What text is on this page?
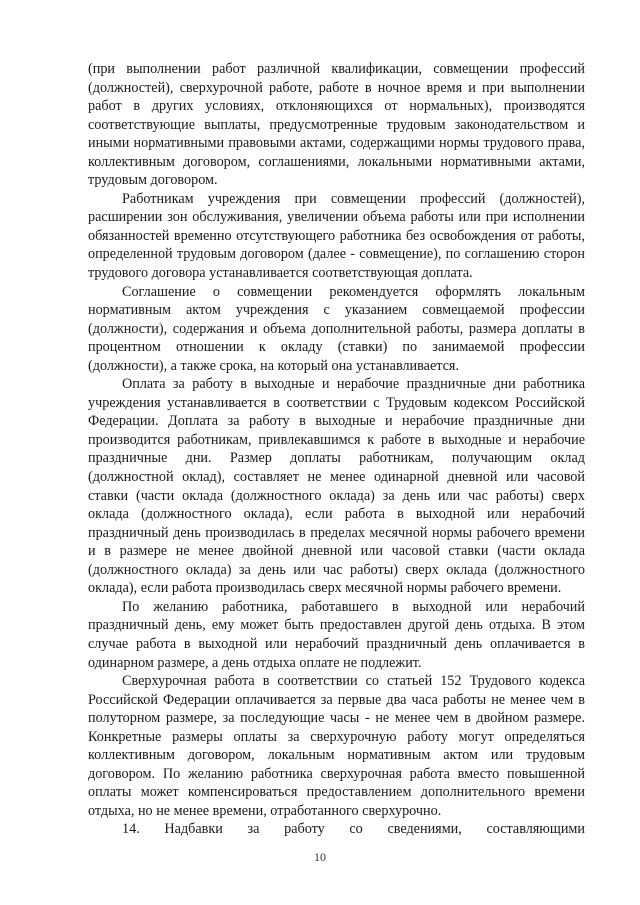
(при выполнении работ различной квалификации, совмещении профессий (должностей), сверхурочной работе, работе в ночное время и при выполнении работ в других условиях, отклоняющихся от нормальных), производятся соответствующие выплаты, предусмотренные трудовым законодательством и иными нормативными правовыми актами, содержащими нормы трудового права, коллективным договором, соглашениями, локальными нормативными актами, трудовым договором.

Работникам учреждения при совмещении профессий (должностей), расширении зон обслуживания, увеличении объема работы или при исполнении обязанностей временно отсутствующего работника без освобождения от работы, определенной трудовым договором (далее - совмещение), по соглашению сторон трудового договора устанавливается соответствующая доплата.

Соглашение о совмещении рекомендуется оформлять локальным нормативным актом учреждения с указанием совмещаемой профессии (должности), содержания и объема дополнительной работы, размера доплаты в процентном отношении к окладу (ставки) по занимаемой профессии (должности), а также срока, на который она устанавливается.

Оплата за работу в выходные и нерабочие праздничные дни работника учреждения устанавливается в соответствии с Трудовым кодексом Российской Федерации. Доплата за работу в выходные и нерабочие праздничные дни производится работникам, привлекавшимся к работе в выходные и нерабочие праздничные дни. Размер доплаты работникам, получающим оклад (должностной оклад), составляет не менее одинарной дневной или часовой ставки (части оклада (должностного оклада) за день или час работы) сверх оклада (должностного оклада), если работа в выходной или нерабочий праздничный день производилась в пределах месячной нормы рабочего времени и в размере не менее двойной дневной или часовой ставки (части оклада (должностного оклада) за день или час работы) сверх оклада (должностного оклада), если работа производилась сверх месячной нормы рабочего времени.

По желанию работника, работавшего в выходной или нерабочий праздничный день, ему может быть предоставлен другой день отдыха. В этом случае работа в выходной или нерабочий праздничный день оплачивается в одинарном размере, а день отдыха оплате не подлежит.

Сверхурочная работа в соответствии со статьей 152 Трудового кодекса Российской Федерации оплачивается за первые два часа работы не менее чем в полуторном размере, за последующие часы - не менее чем в двойном размере. Конкретные размеры оплаты за сверхурочную работу могут определяться коллективным договором, локальным нормативным актом или трудовым договором. По желанию работника сверхурочная работа вместо повышенной оплаты может компенсироваться предоставлением дополнительного времени отдыха, но не менее времени, отработанного сверхурочно.

14. Надбавки за работу со сведениями, составляющими

10
